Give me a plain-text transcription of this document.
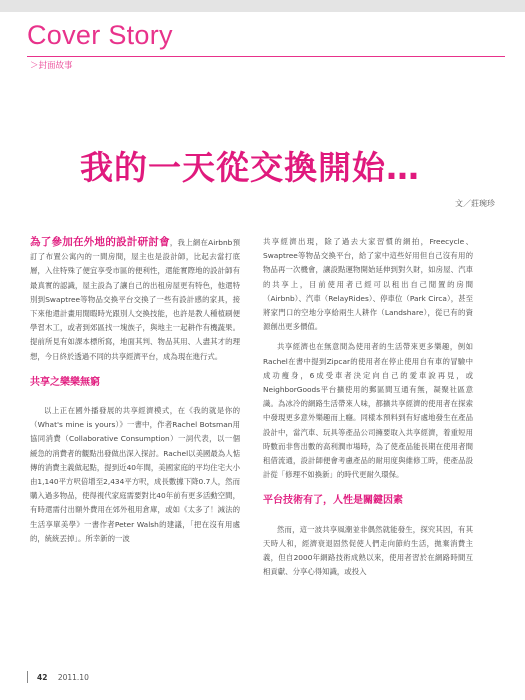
Cover Story
＞封面故事
我的一天從交換開始…
文／莊琬珍

為了參加在外地的設計研討會，我上網在Airbnb預訂了布置公寓內的一間房間，屋主也是設計師，比起去當打底層，入住特殊了便宜享受市區的便利性，還能實際地的設計師有最真實的認識，屋主設為了讓自己的出租房屋更有特色，他還特別到Swaptree等物品交換平台交換了一些有設計感的家具，接下來他還計畫用閒暇時光跟別人交換技能，也許是教人種植刷便學習木工，或者到郊區找一塊族子，與地主一起耕作有機蔬果。提前所見有如課本標所寫，地面其判、物品其用、人盡其才的理想，今日終於透過不同的共享經濟平台，成為現在進行式。

共享之樂樂無窮

以上正在國外播發展的共享經濟模式，在《我的就是你的（What's mine is yours）》一書中，作者Rachel Botsman用協同消費（Collaborative Consumption）一詞代表，以一個緩急的消費者的觀點出發做出深入探討。Rachel以美國最為人惦傳的消費主義做起點，提到近40年間，美國家庭的平均住宅大小由1,140平方呎倍增至2,434平方呎，成長數據下降0.7人，然而購入過多物品，使得視代家庭需要對比40年前有更多活動空間，有時還需付出額外費用在郊外租用倉庫，或如《太多了！減法的生活享單美學》一書作者Peter Walsh的建議，「把在沒有用處的，統統丟掉」。所幸新的一波

共享經濟出現，除了過去大家習慣的網拍，Freecycle、Swaptree等物品交換平台，給了家中這些好用但自己沒有用的物品再一次機會，讓設點運物開始延伸到對久財，如房屋、汽車的共享上，目前使用者已經可以租出自己閒置的房間（Airbnb）、汽車（RelayRides）、停車位（Park Circa），甚至將家門口的空地分享給兩生人耕作（Landshare），從已有的資源創出更多價值。

共享經濟也在無意間為使用者的生活帶來更多樂趣，例如Rachel在書中提到Zipcar的使用者在停止使用自有車的冒驗中成功瘦身，6成受車者決定向自己的愛車說再見，或NeighborGoods平台擴使用的郵區間互通有無，凝聚社區意識。為冰冷的網路生活帶來人味，都擴共享經濟的使用者在探索中發現更多意外樂趣而上癮。同樣本預料到有好處地發生在產品設計中，當汽車、玩具等產品公司擁要取入共享經濟，着重短用時數而非售出數的高利潤市場時，為了使產品能長期在使用者間租借流通，設計師便會考慮產品的耐用度與維修工時，使產品設計從「修理不如換新」的時代更耐久環保。

平台技術有了，人性是關鍵因素

然而，這一波共享風潮並非偶然就能發生，探究其因，有其天時人和，經濟衰退固然促使人們走向節約生活，拋棄消費主義，但自2000年網路技術成熟以來，使用者習於在網路時間互相貢獻、分享心得知識，或投入

42 2011.10
